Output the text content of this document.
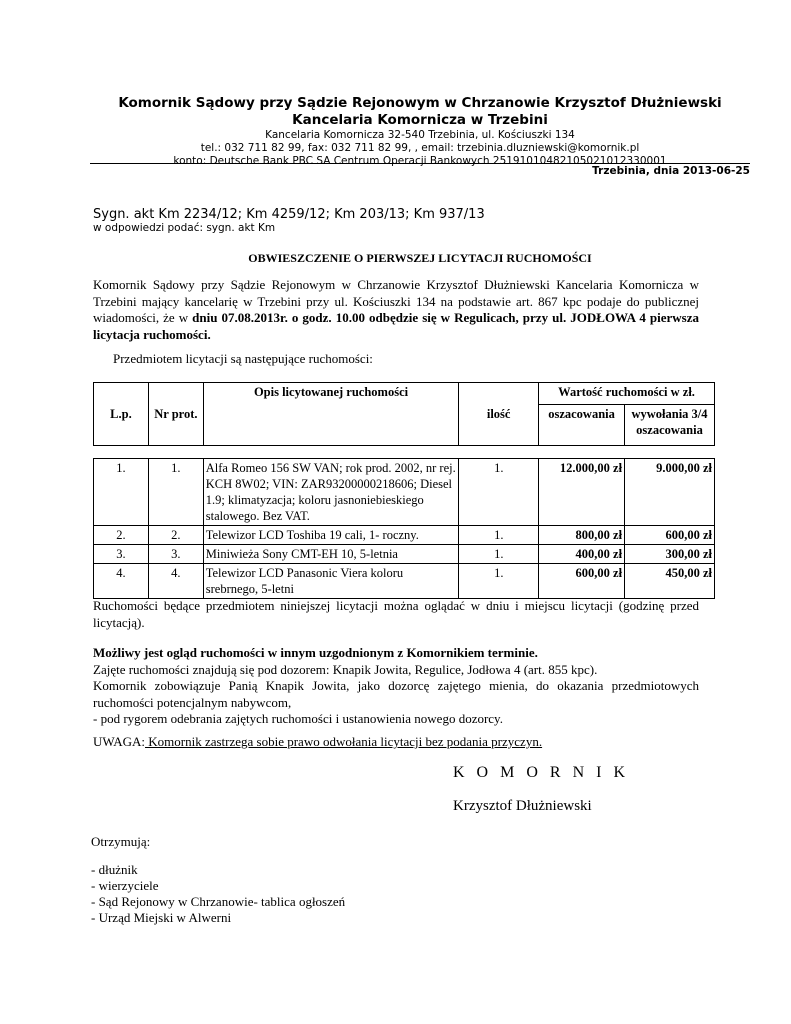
Komornik Sądowy przy Sądzie Rejonowym w Chrzanowie Krzysztof Dłużniewski
Kancelaria Komornicza w Trzebini
Kancelaria Komornicza 32-540 Trzebinia, ul. Kościuszki 134
tel.: 032 711 82 99, fax: 032 711 82 99, , email: trzebinia.dluzniewski@komornik.pl
konto: Deutsche Bank PBC SA Centrum Operacji Bankowych 25191010482105021012330001
Trzebinia, dnia 2013-06-25
Sygn. akt Km 2234/12; Km 4259/12; Km 203/13; Km 937/13
w odpowiedzi podać: sygn. akt Km
OBWIESZCZENIE O PIERWSZEJ LICYTACJI RUCHOMOŚCI
Komornik Sądowy przy Sądzie Rejonowym w Chrzanowie Krzysztof Dłużniewski Kancelaria Komornicza w Trzebini mający kancelarię w Trzebini przy ul. Kościuszki 134 na podstawie art. 867 kpc podaje do publicznej wiadomości, że w dniu 07.08.2013r. o godz. 10.00 odbędzie się w Regulicach, przy ul. JODŁOWA 4 pierwsza licytacja ruchomości.
Przedmiotem licytacji są następujące ruchomości:
L.p.	Nr prot.	Opis licytowanej ruchomości	ilość	Wartość ruchomości w zł.	
				oszacowania	wywołania 3/4 oszacowania
1.	1.	Alfa Romeo 156 SW VAN; rok prod. 2002, nr rej. KCH 8W02; VIN: ZAR93200000218606; Diesel 1.9; klimatyzacja; koloru jasnoniebieskiego stalowego. Bez VAT.	1.	12.000,00 zł	9.000,00 zł
2.	2.	Telewizor LCD Toshiba 19 cali, 1- roczny.	1.	800,00 zł	600,00 zł
3.	3.	Miniwieża Sony CMT-EH 10, 5-letnia	1.	400,00 zł	300,00 zł
4.	4.	Telewizor LCD Panasonic Viera koloru srebrnego, 5-letni	1.	600,00 zł	450,00 zł
Ruchomości będące przedmiotem niniejszej licytacji można oglądać w dniu i miejscu licytacji (godzinę przed licytacją).
Możliwy jest ogląd ruchomości w innym uzgodnionym z Komornikiem terminie.
Zajęte ruchomości znajdują się pod dozorem: Knapik Jowita, Regulice, Jodłowa 4 (art. 855 kpc).
Komornik zobowiązuje Panią Knapik Jowita, jako dozorcę zajętego mienia, do okazania przedmiotowych ruchomości potencjalnym nabywcom,
- pod rygorem odebrania zajętych ruchomości i ustanowienia nowego dozorcy.
UWAGA: Komornik zastrzega sobie prawo odwołania licytacji bez podania przyczyn.
K O M O R N I K
Krzysztof Dłużniewski
Otrzymują:
- dłużnik
- wierzyciele
- Sąd Rejonowy w Chrzanowie- tablica ogłoszeń
- Urząd Miejski w Alwerni
